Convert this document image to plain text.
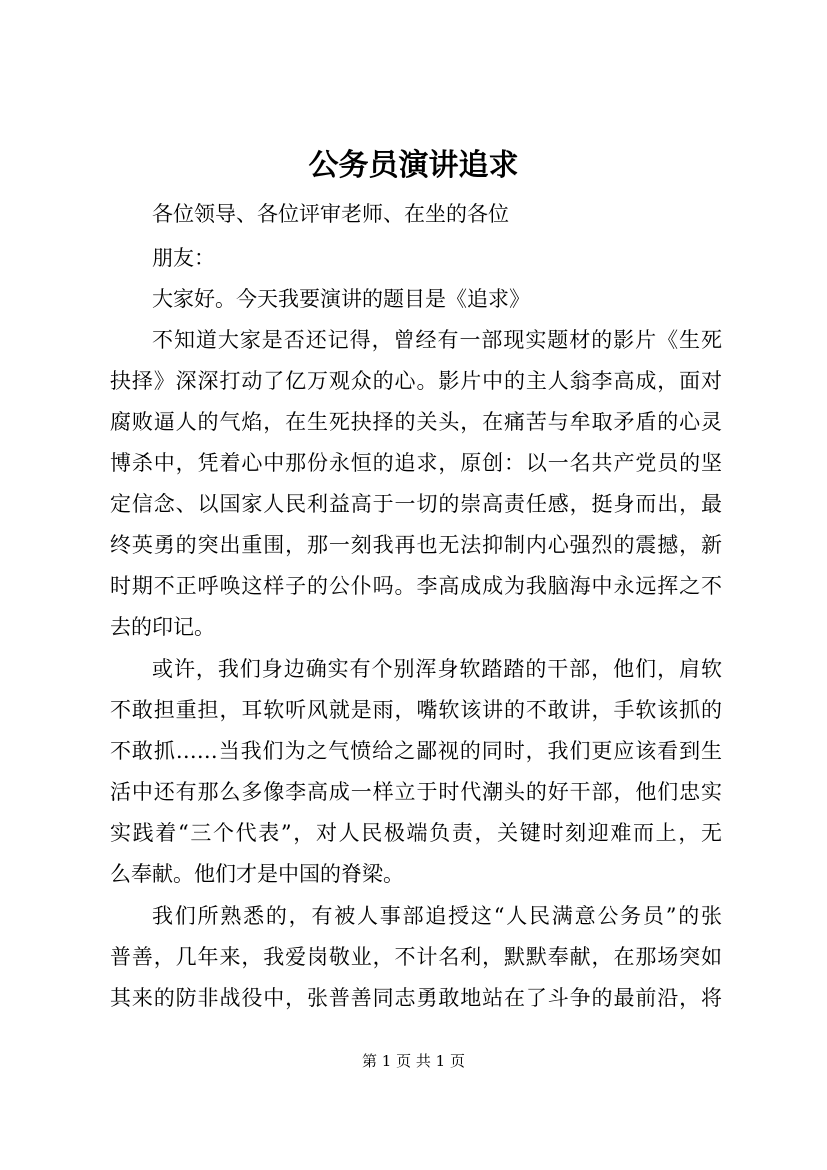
公务员演讲追求
各位领导、各位评审老师、在坐的各位
朋友：
大家好。今天我要演讲的题目是《追求》
不知道大家是否还记得，曾经有一部现实题材的影片《生死
抉择》深深打动了亿万观众的心。影片中的主人翁李高成，面对
腐败逼人的气焰，在生死抉择的关头，在痛苦与牟取矛盾的心灵
博杀中，凭着心中那份永恒的追求，原创：以一名共产党员的坚
定信念、以国家人民利益高于一切的崇高责任感，挺身而出，最
终英勇的突出重围，那一刻我再也无法抑制内心强烈的震撼，新
时期不正呼唤这样子的公仆吗。李高成成为我脑海中永远挥之不
去的印记。
或许，我们身边确实有个别浑身软踏踏的干部，他们，肩软
不敢担重担，耳软听风就是雨，嘴软该讲的不敢讲，手软该抓的
不敢抓……当我们为之气愤给之鄙视的同时，我们更应该看到生
活中还有那么多像李高成一样立于时代潮头的好干部，他们忠实
实践着“三个代表”，对人民极端负责，关键时刻迎难而上，无
么奉献。他们才是中国的脊梁。
我们所熟悉的，有被人事部追授这“人民满意公务员”的张
普善，几年来，我爱岗敬业，不计名利，默默奉献，在那场突如
其来的防非战役中，张普善同志勇敢地站在了斗争的最前沿，将
第 1 页 共 1 页
